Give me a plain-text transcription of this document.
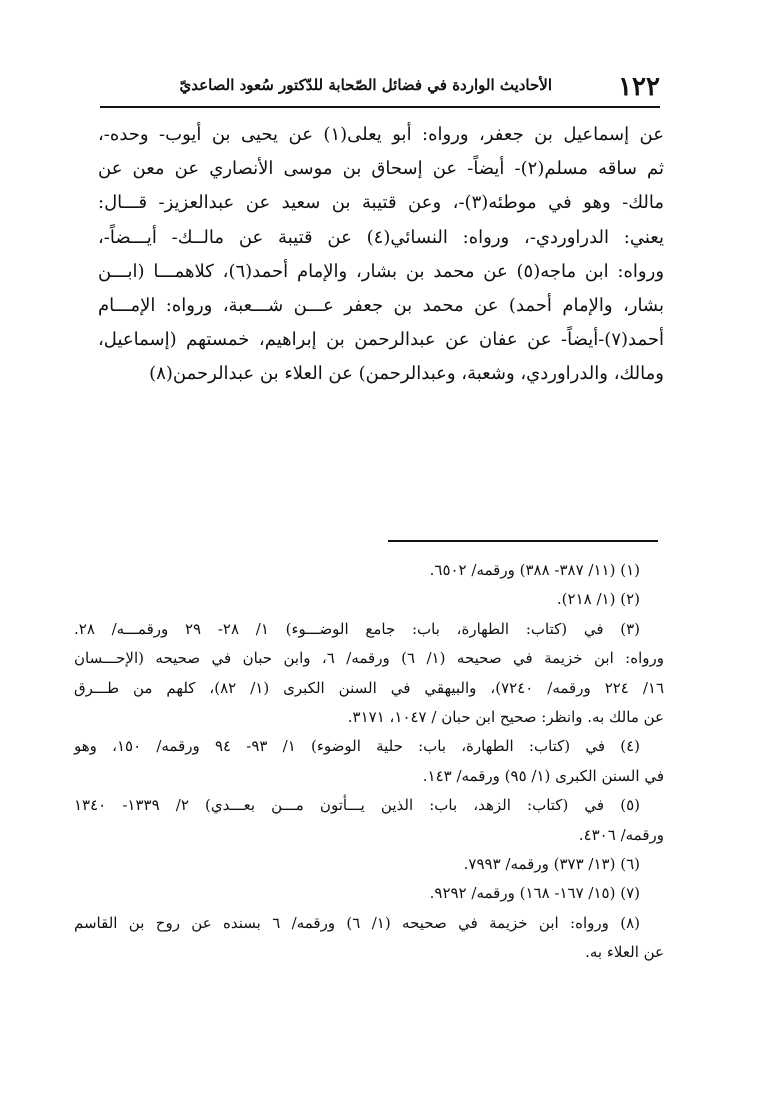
١٢٢
الأحاديث الواردة في فضائل الصّحابة للدّكتور سُعود الصاعديّ
عن إسماعيل بن جعفر، ورواه: أبو يعلى(١) عن يحيى بن أيوب- وحده-،
ثم ساقه مسلم(٢)- أيضاً- عن إسحاق بن موسى الأنصاري عن معن عن
مالك- وهو في موطئه(٣)-، وعن قتيبة بن سعيد عن عبدالعزيز- قـــال:
يعني: الدراوردي-، ورواه: النسائي(٤) عن قتيبة عن مالــك- أيـــضاً-،
ورواه: ابن ماجه(٥) عن محمد بن بشار، والإمام أحمد(٦)، كلاهمـــا (ابـــن
بشار، والإمام أحمد) عن محمد بن جعفر عـــن شـــعبة، ورواه: الإمـــام
أحمد(٧)-أيضاً- عن عفان عن عبدالرحمن بن إبراهيم، خمستهم (إسماعيل،
ومالك، والدراوردي، وشعبة، وعبدالرحمن) عن العلاء بن عبدالرحمن(٨)
(١) (١١/ ٣٨٧- ٣٨٨) ورقمه/ ٦٥٠٢.
(٢) (١/ ٢١٨).
(٣) في (كتاب: الطهارة، باب: جامع الوضـــوء) ١/ ٢٨- ٢٩ ورقمـــه/ ٢٨.
ورواه: ابن خزيمة في صحيحه (١/ ٦) ورقمه/ ٦، وابن حبان في صحيحه (الإحـــسان
١٦/ ٢٢٤ ورقمه/ ٧٢٤٠)، والبيهقي في السنن الكبرى (١/ ٨٢)، كلهم من طـــرق
عن مالك به. وانظر: صحيح ابن حبان / ١٠٤٧، ٣١٧١.
(٤) في (كتاب: الطهارة، باب: حلية الوضوء) ١/ ٩٣- ٩٤ ورقمه/ ١٥٠، وهو
في السنن الكبرى (١/ ٩٥) ورقمه/ ١٤٣.
(٥) في (كتاب: الزهد، باب: الذين يـــأتون مـــن بعـــدي) ٢/ ١٣٣٩- ١٣٤٠
ورقمه/ ٤٣٠٦.
(٦) (١٣/ ٣٧٣) ورقمه/ ٧٩٩٣.
(٧) (١٥/ ١٦٧- ١٦٨) ورقمه/ ٩٢٩٢.
(٨) ورواه: ابن خزيمة في صحيحه (١/ ٦) ورقمه/ ٦ بسنده عن روح بن القاسم
عن العلاء به.
